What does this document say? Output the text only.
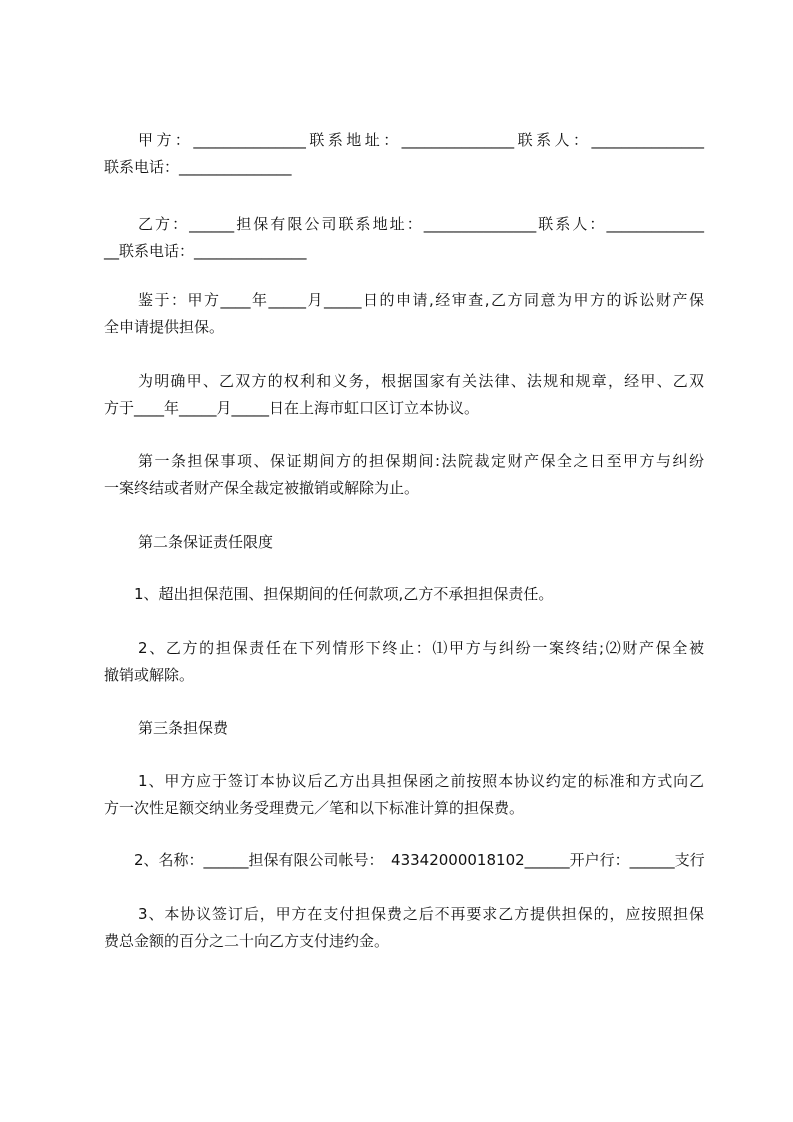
甲方：_______________联系地址：_______________联系人：_______________
联系电话：_______________
乙方：______担保有限公司联系地址：_______________联系人：_____________
__联系电话：_______________
鉴于：甲方____年_____月_____日的申请,经审查,乙方同意为甲方的诉讼财产保
全申请提供担保。
为明确甲、乙双方的权利和义务，根据国家有关法律、法规和规章，经甲、乙双
方于____年_____月_____日在上海市虹口区订立本协议。
第一条担保事项、保证期间方的担保期间:法院裁定财产保全之日至甲方与纠纷
一案终结或者财产保全裁定被撤销或解除为止。
第二条保证责任限度
1、超出担保范围、担保期间的任何款项,乙方不承担担保责任。
2、乙方的担保责任在下列情形下终止：⑴甲方与纠纷一案终结;⑵财产保全被
撤销或解除。
第三条担保费
1、甲方应于签订本协议后乙方出具担保函之前按照本协议约定的标准和方式向乙
方一次性足额交纳业务受理费元／笔和以下标准计算的担保费。
2、名称：______担保有限公司帐号：　43342000018102______开户行：______支行
3、本协议签订后，甲方在支付担保费之后不再要求乙方提供担保的，应按照担保
费总金额的百分之二十向乙方支付违约金。
